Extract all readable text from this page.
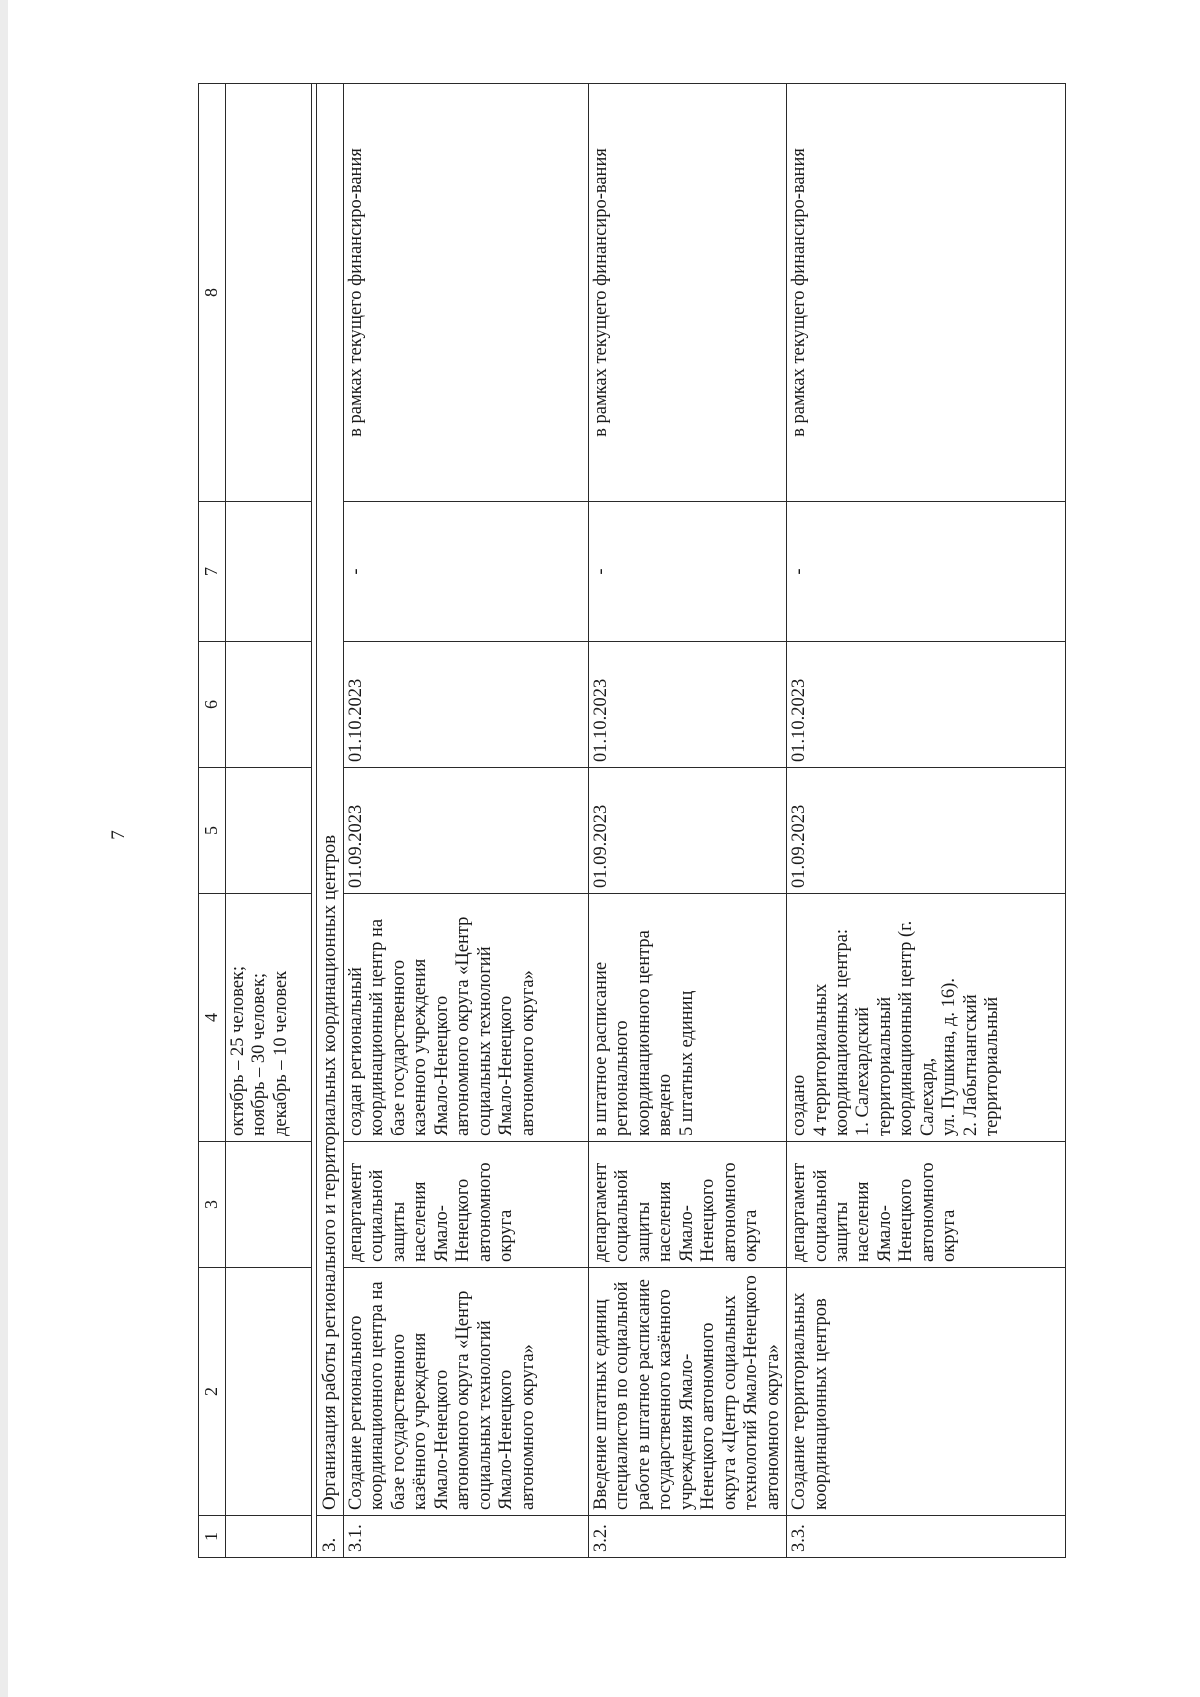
7
1	2	3	4	5	6	7	8
			октябрь – 25 человек;
ноябрь – 30 человек;
декабрь – 10 человек				

3.	Организация работы регионального и территориальных координационных центров						
3.1.	Создание регионального координационного центра на базе государственного казённого учреждения Ямало-Ненецкого автономного округа «Центр социальных технологий Ямало-Ненецкого автономного округа»	департамент социальной защиты населения Ямало-Ненецкого автономного округа	создан региональный координационный центр на базе государственного казенного учреждения Ямало-Ненецкого автономного округа «Центр социальных технологий Ямало-Ненецкого автономного округа»	01.09.2023	01.10.2023	-	в рамках текущего финансиро-вания
3.2.	Введение штатных единиц специалистов по социальной работе в штатное расписание государственного казённого учреждения Ямало-Ненецкого автономного округа «Центр социальных технологий Ямало-Ненецкого автономного округа»	департамент социальной защиты населения Ямало-Ненецкого автономного округа	в штатное расписание регионального координационного центра введено
5 штатных единиц	01.09.2023	01.10.2023	-	в рамках текущего финансиро-вания
3.3.	Создание территориальных координационных центров	департамент социальной защиты населения Ямало-Ненецкого автономного округа	создано
4 территориальных координационных центра:
1. Салехардский территориальный координационный центр (г. Салехард,
ул. Пушкина, д. 16).
2. Лабытнангский территориальный	01.09.2023	01.10.2023	-	в рамках текущего финансиро-вания
